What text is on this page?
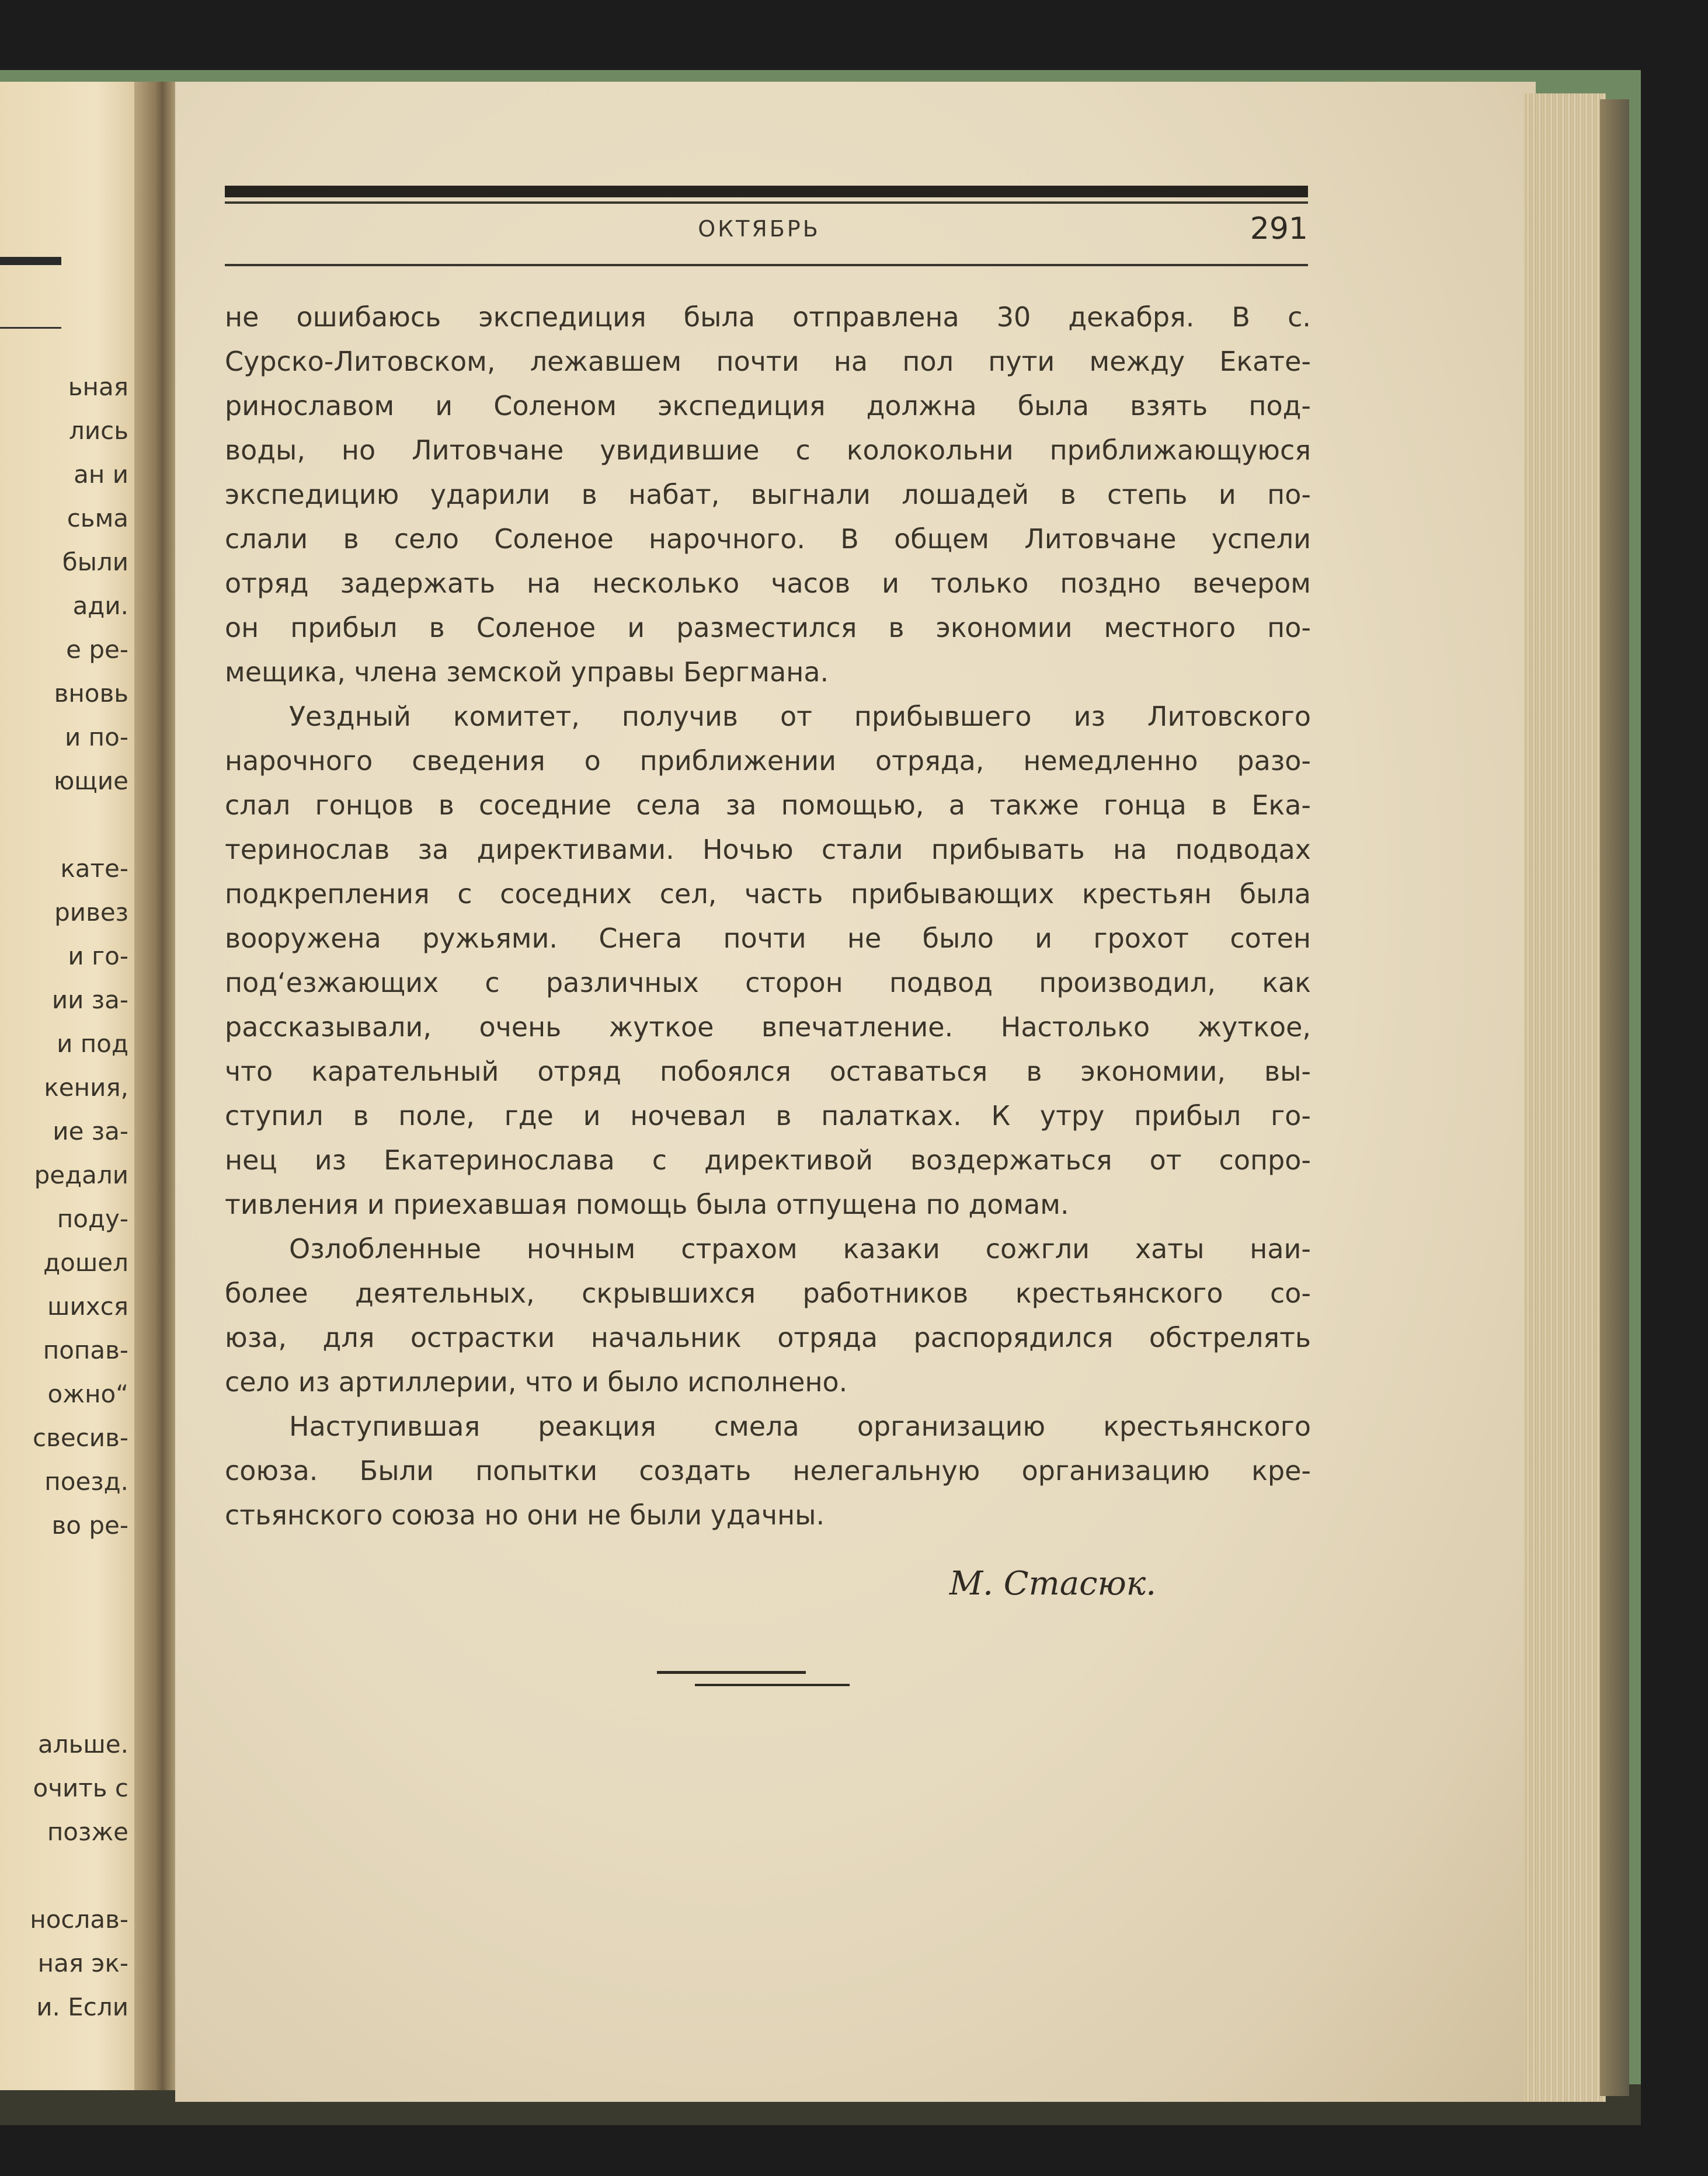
ьная
лись
ан и
сьма
были
ади.
е ре-
вновь
и по-
ющие
кате-
ривез
и го-
ии за-
и под
кения,
ие за-
редали
поду-
дошел
шихся
попав-
ожно“
свесив-
поезд.
во ре-
альше.
очить с
позже
нослав-
ная эк-
и. Если
ОКТЯБРЬ	291
не ошибаюсь экспедиция была отправлена 30 декабря. В с.
Сурско-Литовском, лежавшем почти на пол пути между Екате-
ринославом и Соленом экспедиция должна была взять под-
воды, но Литовчане увидившие с колокольни приближающуюся
экспедицию ударили в набат, выгнали лошадей в степь и по-
слали в село Соленое нарочного. В общем Литовчане успели
отряд задержать на несколько часов и только поздно вечером
он прибыл в Соленое и разместился в экономии местного по-
мещика, члена земской управы Бергмана.
Уездный комитет, получив от прибывшего из Литовского
нарочного сведения о приближении отряда, немедленно разо-
слал гонцов в соседние села за помощью, а также гонца в Ека-
теринослав за директивами. Ночью стали прибывать на подводах
подкрепления с соседних сел, часть прибывающих крестьян была
вооружена ружьями. Снега почти не было и грохот сотен
под‘езжающих с различных сторон подвод производил, как
рассказывали, очень жуткое впечатление. Настолько жуткое,
что карательный отряд побоялся оставаться в экономии, вы-
ступил в поле, где и ночевал в палатках. К утру прибыл го-
нец из Екатеринослава с директивой воздержаться от сопро-
тивления и приехавшая помощь была отпущена по домам.
Озлобленные ночным страхом казаки сожгли хаты наи-
более деятельных, скрывшихся работников крестьянского со-
юза, для острастки начальник отряда распорядился обстрелять
село из артиллерии, что и было исполнено.
Наступившая реакция смела организацию крестьянского
союза. Были попытки создать нелегальную организацию кре-
стьянского союза но они не были удачны.
М. Стасюк.
